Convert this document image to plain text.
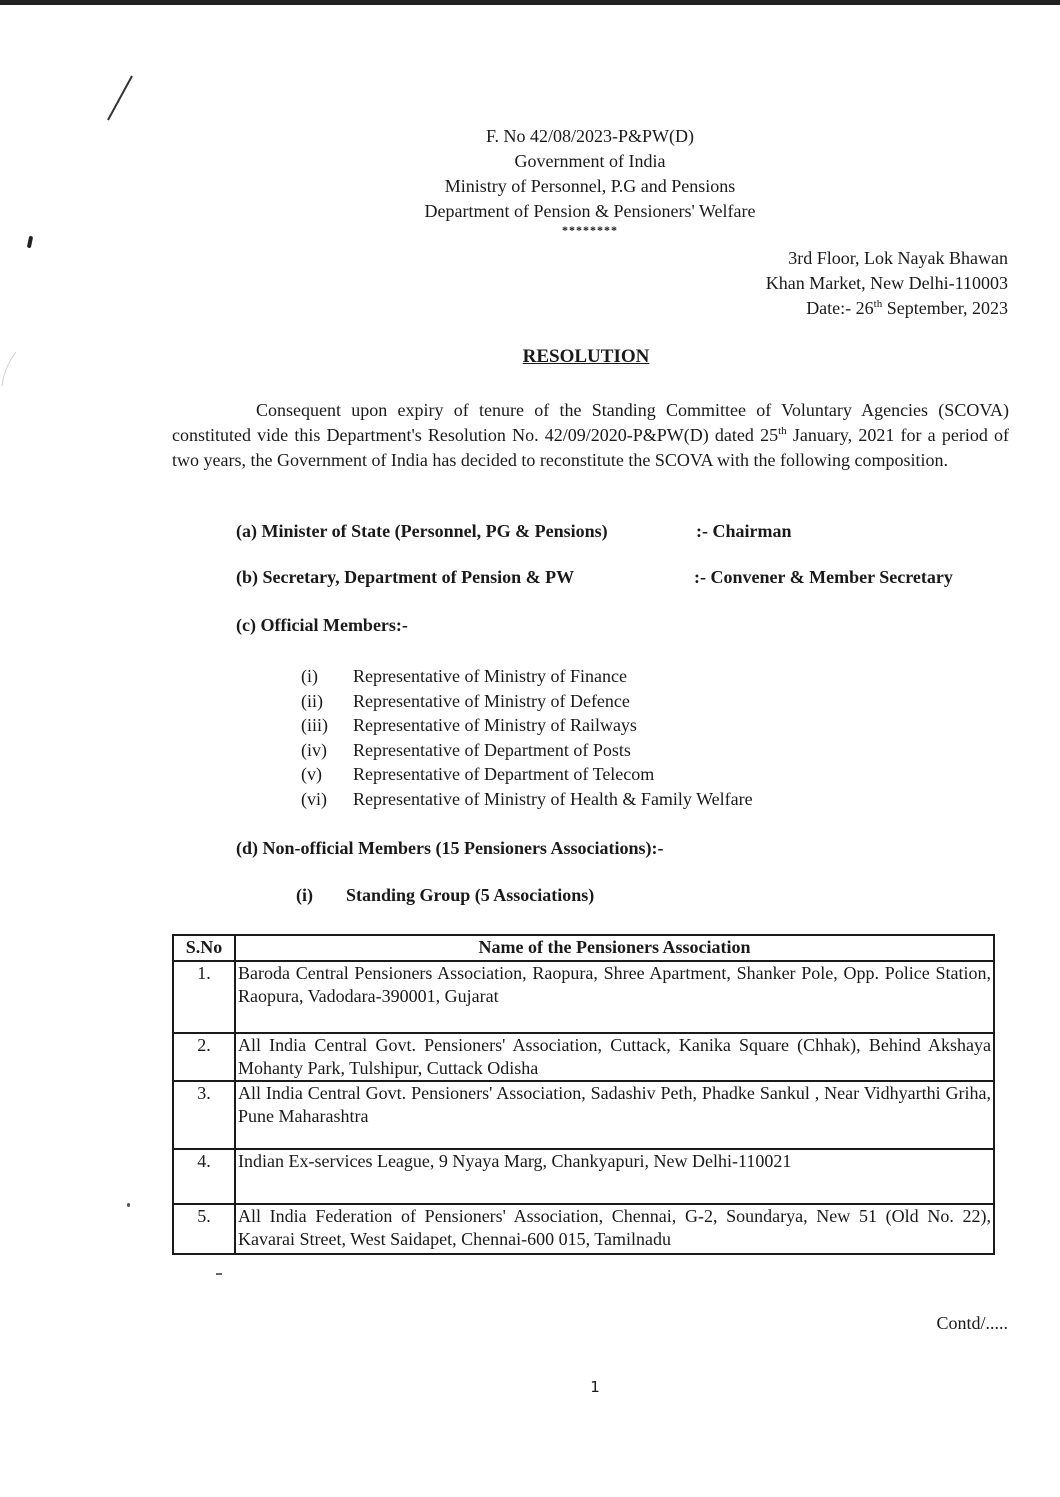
F. No 42/08/2023-P&PW(D)
Government of India
Ministry of Personnel, P.G and Pensions
Department of Pension & Pensioners' Welfare
********
3rd Floor, Lok Nayak Bhawan
Khan Market, New Delhi-110003
Date:- 26th September, 2023
RESOLUTION
Consequent upon expiry of tenure of the Standing Committee of Voluntary Agencies (SCOVA) constituted vide this Department's Resolution No. 42/09/2020-P&PW(D) dated 25th January, 2021 for a period of two years, the Government of India has decided to reconstitute the SCOVA with the following composition.
(a) Minister of State (Personnel, PG & Pensions)	:- Chairman
(b) Secretary, Department of Pension & PW	:- Convener & Member Secretary
(c) Official Members:-
(i)	Representative of Ministry of Finance
(ii)	Representative of Ministry of Defence
(iii)	Representative of Ministry of Railways
(iv)	Representative of Department of Posts
(v)	Representative of Department of Telecom
(vi)	Representative of Ministry of Health & Family Welfare
(d) Non-official Members (15 Pensioners Associations):-
(i) Standing Group (5 Associations)
S.No	Name of the Pensioners Association
1.	Baroda Central Pensioners Association, Raopura, Shree Apartment, Shanker Pole, Opp. Police Station, Raopura, Vadodara-390001, Gujarat
2.	All India Central Govt. Pensioners' Association, Cuttack, Kanika Square (Chhak), Behind Akshaya Mohanty Park, Tulshipur, Cuttack Odisha
3.	All India Central Govt. Pensioners' Association, Sadashiv Peth, Phadke Sankul , Near Vidhyarthi Griha, Pune Maharashtra
4.	Indian Ex-services League, 9 Nyaya Marg, Chankyapuri, New Delhi-110021
5.	All India Federation of Pensioners' Association, Chennai, G-2, Soundarya, New 51 (Old No. 22), Kavarai Street, West Saidapet, Chennai-600 015, Tamilnadu
Contd/.....
1
